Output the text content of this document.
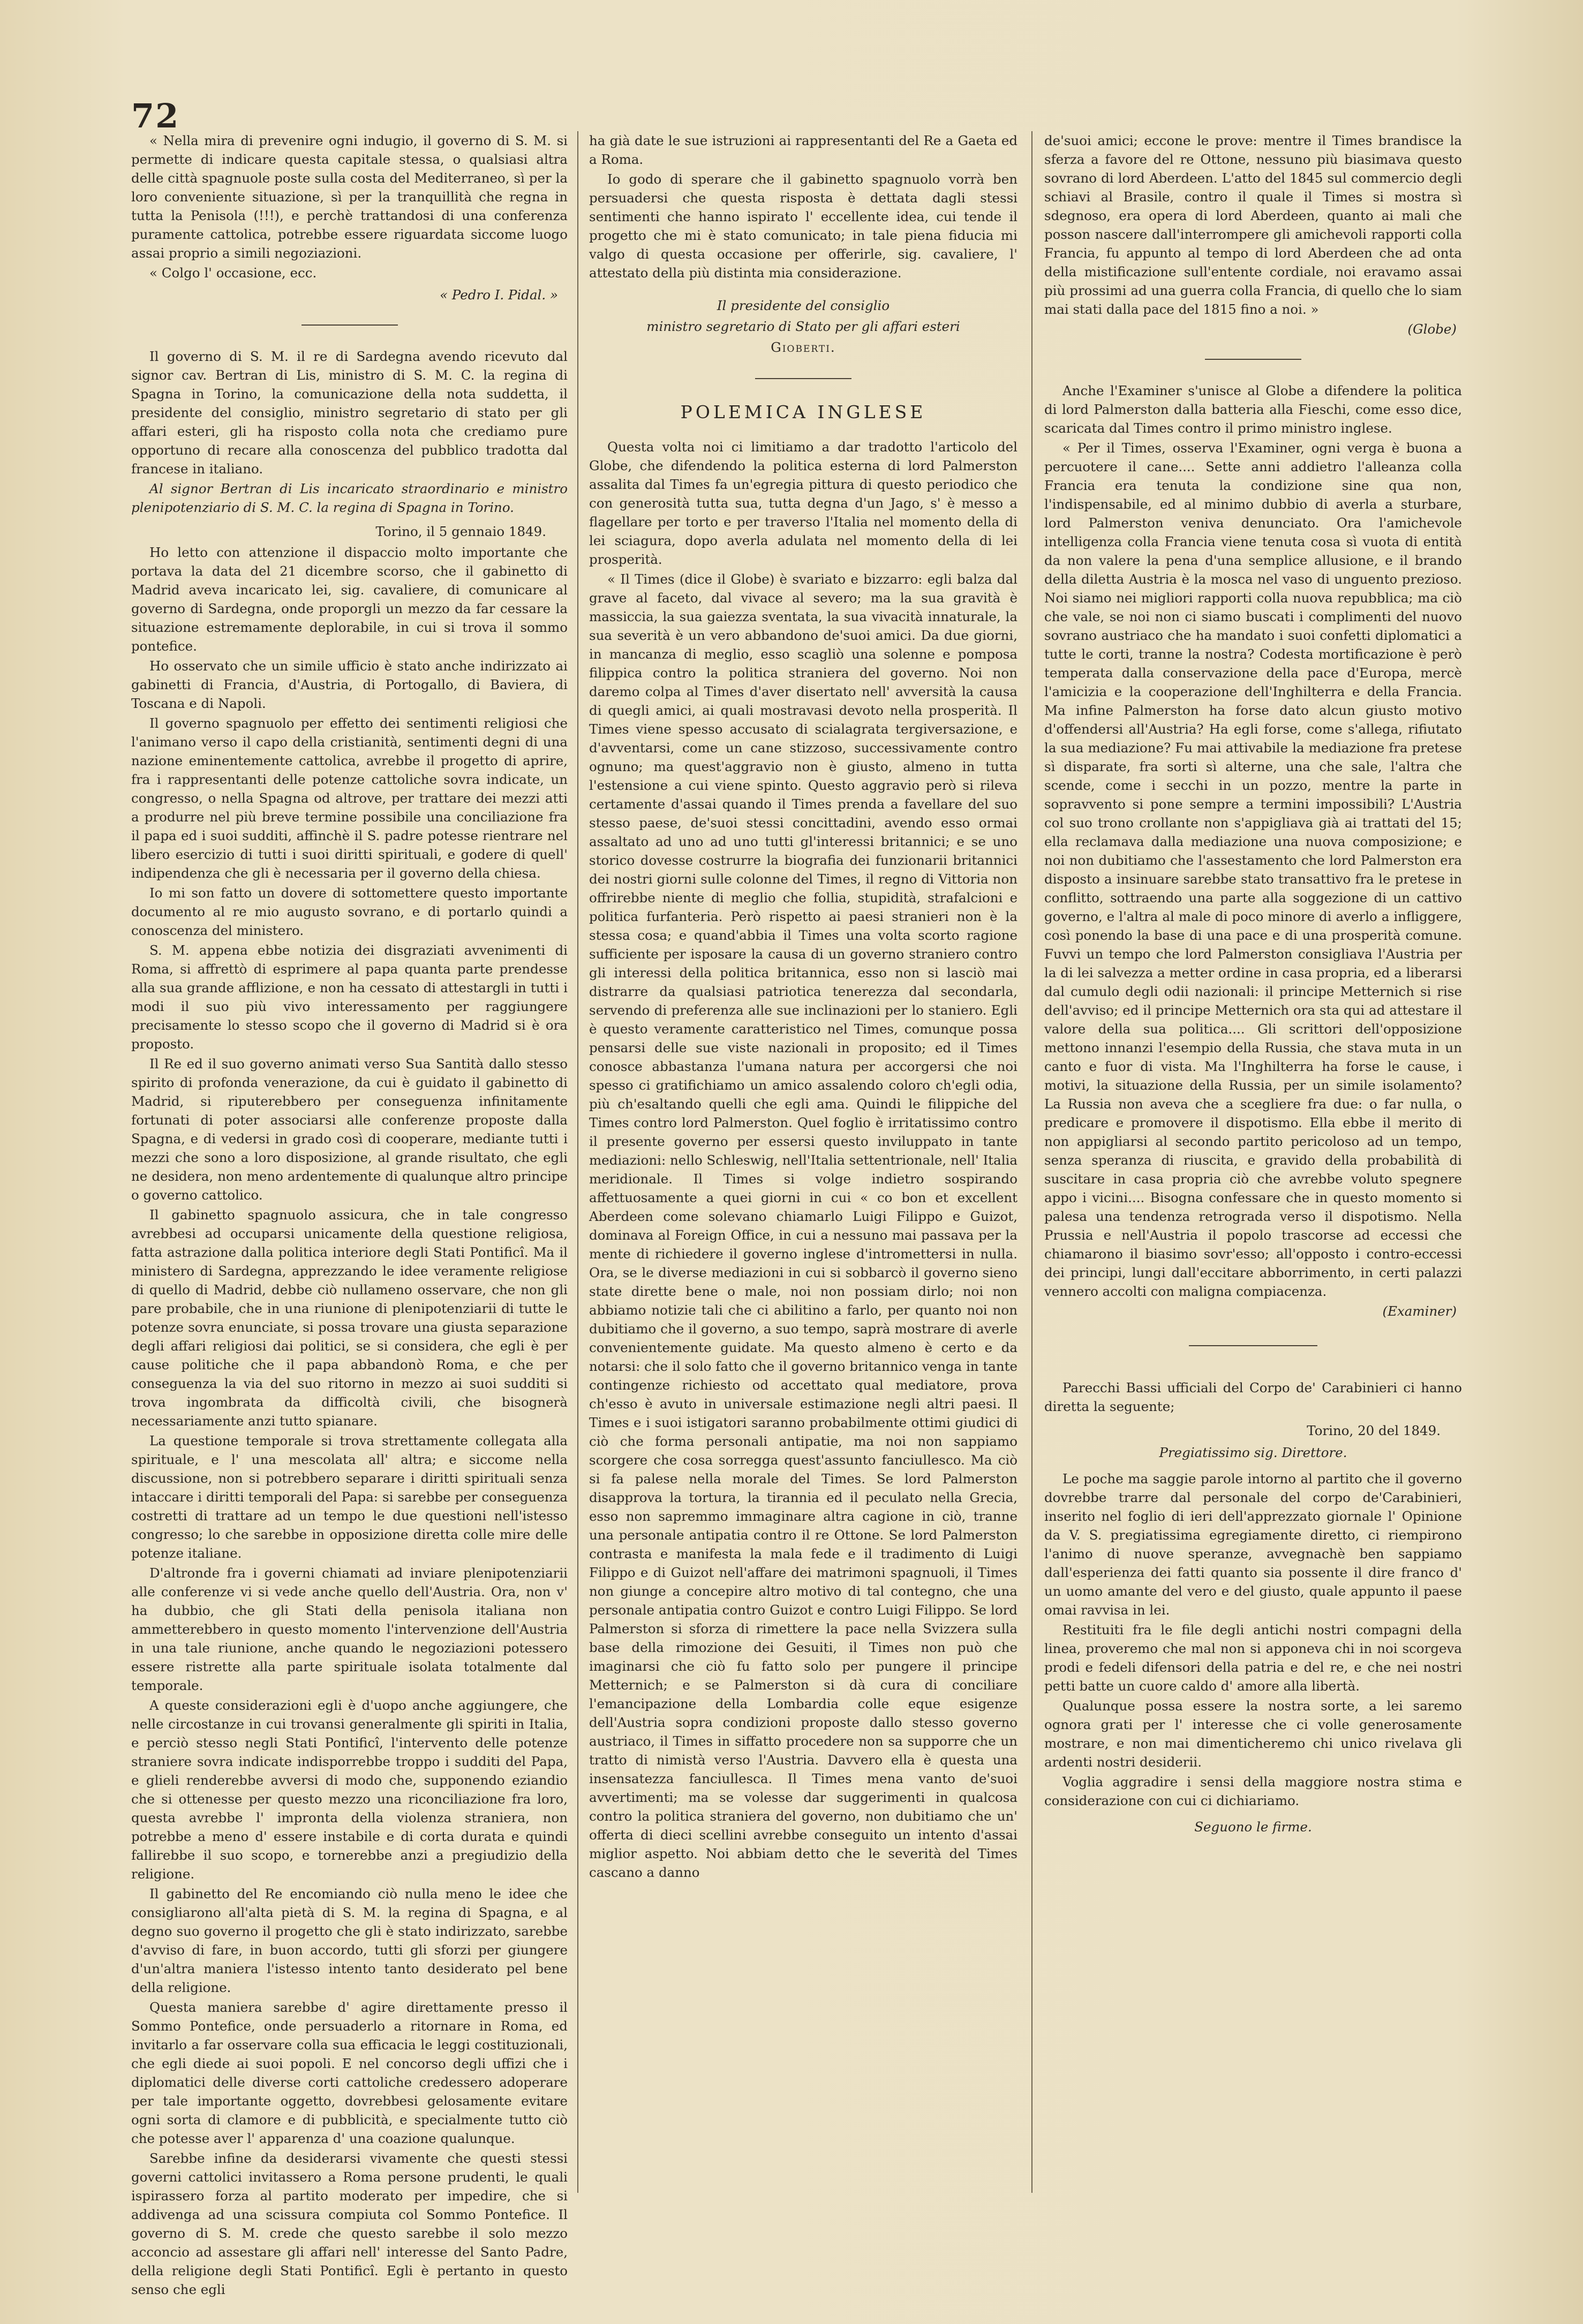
72

« Nella mira di prevenire ogni indugio, il governo di S. M. si permette di indicare questa capitale stessa, o qualsiasi altra delle città spagnuole poste sulla costa del Mediterraneo, sì per la loro conveniente situazione, sì per la tranquillità che regna in tutta la Penisola (!!!), e perchè trattandosi di una conferenza puramente cattolica, potrebbe essere riguardata siccome luogo assai proprio a simili negoziazioni.

« Colgo l' occasione, ecc.

« Pedro I. Pidal. »

Il governo di S. M. il re di Sardegna avendo ricevuto dal signor cav. Bertran di Lis, ministro di S. M. C. la regina di Spagna in Torino, la comunicazione della nota suddetta, il presidente del consiglio, ministro segretario di stato per gli affari esteri, gli ha risposto colla nota che crediamo pure opportuno di recare alla conoscenza del pubblico tradotta dal francese in italiano.

Al signor Bertran di Lis incaricato straordinario e ministro plenipotenziario di S. M. C. la regina di Spagna in Torino.

Torino, il 5 gennaio 1849.

Ho letto con attenzione il dispaccio molto importante che portava la data del 21 dicembre scorso, che il gabinetto di Madrid aveva incaricato lei, sig. cavaliere, di comunicare al governo di Sardegna, onde proporgli un mezzo da far cessare la situazione estremamente deplorabile, in cui si trova il sommo pontefice.

Ho osservato che un simile ufficio è stato anche indirizzato ai gabinetti di Francia, d'Austria, di Portogallo, di Baviera, di Toscana e di Napoli.

Il governo spagnuolo per effetto dei sentimenti religiosi che l'animano verso il capo della cristianità, sentimenti degni di una nazione eminentemente cattolica, avrebbe il progetto di aprire, fra i rappresentanti delle potenze cattoliche sovra indicate, un congresso, o nella Spagna od altrove, per trattare dei mezzi atti a produrre nel più breve termine possibile una conciliazione fra il papa ed i suoi sudditi, affinchè il S. padre potesse rientrare nel libero esercizio di tutti i suoi diritti spirituali, e godere di quell' indipendenza che gli è necessaria per il governo della chiesa.

Io mi son fatto un dovere di sottomettere questo importante documento al re mio augusto sovrano, e di portarlo quindi a conoscenza del ministero.

S. M. appena ebbe notizia dei disgraziati avvenimenti di Roma, si affrettò di esprimere al papa quanta parte prendesse alla sua grande afflizione, e non ha cessato di attestargli in tutti i modi il suo più vivo interessamento per raggiungere precisamente lo stesso scopo che il governo di Madrid si è ora proposto.

Il Re ed il suo governo animati verso Sua Santità dallo stesso spirito di profonda venerazione, da cui è guidato il gabinetto di Madrid, si riputerebbero per conseguenza infinitamente fortunati di poter associarsi alle conferenze proposte dalla Spagna, e di vedersi in grado così di cooperare, mediante tutti i mezzi che sono a loro disposizione, al grande risultato, che egli ne desidera, non meno ardentemente di qualunque altro principe o governo cattolico.

Il gabinetto spagnuolo assicura, che in tale congresso avrebbesi ad occuparsi unicamente della questione religiosa, fatta astrazione dalla politica interiore degli Stati Pontificî. Ma il ministero di Sardegna, apprezzando le idee veramente religiose di quello di Madrid, debbe ciò nullameno osservare, che non gli pare probabile, che in una riunione di plenipotenziarii di tutte le potenze sovra enunciate, si possa trovare una giusta separazione degli affari religiosi dai politici, se si considera, che egli è per cause politiche che il papa abbandonò Roma, e che per conseguenza la via del suo ritorno in mezzo ai suoi sudditi si trova ingombrata da difficoltà civili, che bisognerà necessariamente anzi tutto spianare.

La questione temporale si trova strettamente collegata alla spirituale, e l' una mescolata all' altra; e siccome nella discussione, non si potrebbero separare i diritti spirituali senza intaccare i diritti temporali del Papa: si sarebbe per conseguenza costretti di trattare ad un tempo le due questioni nell'istesso congresso; lo che sarebbe in opposizione diretta colle mire delle potenze italiane.

D'altronde fra i governi chiamati ad inviare plenipotenziarii alle conferenze vi si vede anche quello dell'Austria. Ora, non v' ha dubbio, che gli Stati della penisola italiana non ammetterebbero in questo momento l'intervenzione dell'Austria in una tale riunione, anche quando le negoziazioni potessero essere ristrette alla parte spirituale isolata totalmente dal temporale.

A queste considerazioni egli è d'uopo anche aggiungere, che nelle circostanze in cui trovansi generalmente gli spiriti in Italia, e perciò stesso negli Stati Pontificî, l'intervento delle potenze straniere sovra indicate indisporrebbe troppo i sudditi del Papa, e glieli renderebbe avversi di modo che, supponendo eziandio che si ottenesse per questo mezzo una riconciliazione fra loro, questa avrebbe l' impronta della violenza straniera, non potrebbe a meno d' essere instabile e di corta durata e quindi fallirebbe il suo scopo, e tornerebbe anzi a pregiudizio della religione.

Il gabinetto del Re encomiando ciò nulla meno le idee che consigliarono all'alta pietà di S. M. la regina di Spagna, e al degno suo governo il progetto che gli è stato indirizzato, sarebbe d'avviso di fare, in buon accordo, tutti gli sforzi per giungere d'un'altra maniera l'istesso intento tanto desiderato pel bene della religione.

Questa maniera sarebbe d' agire direttamente presso il Sommo Pontefice, onde persuaderlo a ritornare in Roma, ed invitarlo a far osservare colla sua efficacia le leggi costituzionali, che egli diede ai suoi popoli. E nel concorso degli uffizi che i diplomatici delle diverse corti cattoliche credessero adoperare per tale importante oggetto, dovrebbesi gelosamente evitare ogni sorta di clamore e di pubblicità, e specialmente tutto ciò che potesse aver l' apparenza d' una coazione qualunque.

Sarebbe infine da desiderarsi vivamente che questi stessi governi cattolici invitassero a Roma persone prudenti, le quali ispirassero forza al partito moderato per impedire, che si addivenga ad una scissura compiuta col Sommo Pontefice. Il governo di S. M. crede che questo sarebbe il solo mezzo acconcio ad assestare gli affari nell' interesse del Santo Padre, della religione degli Stati Pontificî. Egli è pertanto in questo senso che egli

ha già date le sue istruzioni ai rappresentanti del Re a Gaeta ed a Roma.

Io godo di sperare che il gabinetto spagnuolo vorrà ben persuadersi che questa risposta è dettata dagli stessi sentimenti che hanno ispirato l' eccellente idea, cui tende il progetto che mi è stato comunicato; in tale piena fiducia mi valgo di questa occasione per offerirle, sig. cavaliere, l' attestato della più distinta mia considerazione.

Il presidente del consiglio
ministro segretario di Stato per gli affari esteri
Gioberti.
POLEMICA INGLESE

Questa volta noi ci limitiamo a dar tradotto l'articolo del Globe, che difendendo la politica esterna di lord Palmerston assalita dal Times fa un'egregia pittura di questo periodico che con generosità tutta sua, tutta degna d'un Jago, s' è messo a flagellare per torto e per traverso l'Italia nel momento della di lei sciagura, dopo averla adulata nel momento della di lei prosperità.

« Il Times (dice il Globe) è svariato e bizzarro: egli balza dal grave al faceto, dal vivace al severo; ma la sua gravità è massiccia, la sua gaiezza sventata, la sua vivacità innaturale, la sua severità è un vero abbandono de'suoi amici. Da due giorni, in mancanza di meglio, esso scagliò una solenne e pomposa filippica contro la politica straniera del governo. Noi non daremo colpa al Times d'aver disertato nell' avversità la causa di quegli amici, ai quali mostravasi devoto nella prosperità. Il Times viene spesso accusato di scialagrata tergiversazione, e d'avventarsi, come un cane stizzoso, successivamente contro ognuno; ma quest'aggravio non è giusto, almeno in tutta l'estensione a cui viene spinto. Questo aggravio però si rileva certamente d'assai quando il Times prenda a favellare del suo stesso paese, de'suoi stessi concittadini, avendo esso ormai assaltato ad uno ad uno tutti gl'interessi britannici; e se uno storico dovesse costrurre la biografia dei funzionarii britannici dei nostri giorni sulle colonne del Times, il regno di Vittoria non offrirebbe niente di meglio che follia, stupidità, strafalcioni e politica furfanteria. Però rispetto ai paesi stranieri non è la stessa cosa; e quand'abbia il Times una volta scorto ragione sufficiente per isposare la causa di un governo straniero contro gli interessi della politica britannica, esso non si lasciò mai distrarre da qualsiasi patriotica tenerezza dal secondarla, servendo di preferenza alle sue inclinazioni per lo staniero. Egli è questo veramente caratteristico nel Times, comunque possa pensarsi delle sue viste nazionali in proposito; ed il Times conosce abbastanza l'umana natura per accorgersi che noi spesso ci gratifichiamo un amico assalendo coloro ch'egli odia, più ch'esaltando quelli che egli ama. Quindi le filippiche del Times contro lord Palmerston. Quel foglio è irritatissimo contro il presente governo per essersi questo inviluppato in tante mediazioni: nello Schleswig, nell'Italia settentrionale, nell' Italia meridionale. Il Times si volge indietro sospirando affettuosamente a quei giorni in cui « co bon et excellent Aberdeen come solevano chiamarlo Luigi Filippo e Guizot, dominava al Foreign Office, in cui a nessuno mai passava per la mente di richiedere il governo inglese d'intromettersi in nulla. Ora, se le diverse mediazioni in cui si sobbarcò il governo sieno state dirette bene o male, noi non possiam dirlo; noi non abbiamo notizie tali che ci abilitino a farlo, per quanto noi non dubitiamo che il governo, a suo tempo, saprà mostrare di averle convenientemente guidate. Ma questo almeno è certo e da notarsi: che il solo fatto che il governo britannico venga in tante contingenze richiesto od accettato qual mediatore, prova ch'esso è avuto in universale estimazione negli altri paesi. Il Times e i suoi istigatori saranno probabilmente ottimi giudici di ciò che forma personali antipatie, ma noi non sappiamo scorgere che cosa sorregga quest'assunto fanciullesco. Ma ciò si fa palese nella morale del Times. Se lord Palmerston disapprova la tortura, la tirannia ed il peculato nella Grecia, esso non sapremmo immaginare altra cagione in ciò, tranne una personale antipatia contro il re Ottone. Se lord Palmerston contrasta e manifesta la mala fede e il tradimento di Luigi Filippo e di Guizot nell'affare dei matrimoni spagnuoli, il Times non giunge a concepire altro motivo di tal contegno, che una personale antipatia contro Guizot e contro Luigi Filippo. Se lord Palmerston si sforza di rimettere la pace nella Svizzera sulla base della rimozione dei Gesuiti, il Times non può che imaginarsi che ciò fu fatto solo per pungere il principe Metternich; e se Palmerston si dà cura di conciliare l'emancipazione della Lombardia colle eque esigenze dell'Austria sopra condizioni proposte dallo stesso governo austriaco, il Times in siffatto procedere non sa supporre che un tratto di nimistà verso l'Austria. Davvero ella è questa una insensatezza fanciullesca. Il Times mena vanto de'suoi avvertimenti; ma se volesse dar suggerimenti in qualcosa contro la politica straniera del governo, non dubitiamo che un' offerta di dieci scellini avrebbe conseguito un intento d'assai miglior aspetto. Noi abbiam detto che le severità del Times cascano a danno

de'suoi amici; eccone le prove: mentre il Times brandisce la sferza a favore del re Ottone, nessuno più biasimava questo sovrano di lord Aberdeen. L'atto del 1845 sul commercio degli schiavi al Brasile, contro il quale il Times si mostra sì sdegnoso, era opera di lord Aberdeen, quanto ai mali che posson nascere dall'interrompere gli amichevoli rapporti colla Francia, fu appunto al tempo di lord Aberdeen che ad onta della mistificazione sull'entente cordiale, noi eravamo assai più prossimi ad una guerra colla Francia, di quello che lo siam mai stati dalla pace del 1815 fino a noi. »

(Globe)

Anche l'Examiner s'unisce al Globe a difendere la politica di lord Palmerston dalla batteria alla Fieschi, come esso dice, scaricata dal Times contro il primo ministro inglese.

« Per il Times, osserva l'Examiner, ogni verga è buona a percuotere il cane.... Sette anni addietro l'alleanza colla Francia era tenuta la condizione sine qua non, l'indispensabile, ed al minimo dubbio di averla a sturbare, lord Palmerston veniva denunciato. Ora l'amichevole intelligenza colla Francia viene tenuta cosa sì vuota di entità da non valere la pena d'una semplice allusione, e il brando della diletta Austria è la mosca nel vaso di unguento prezioso. Noi siamo nei migliori rapporti colla nuova repubblica; ma ciò che vale, se noi non ci siamo buscati i complimenti del nuovo sovrano austriaco che ha mandato i suoi confetti diplomatici a tutte le corti, tranne la nostra? Codesta mortificazione è però temperata dalla conservazione della pace d'Europa, mercè l'amicizia e la cooperazione dell'Inghilterra e della Francia. Ma infine Palmerston ha forse dato alcun giusto motivo d'offendersi all'Austria? Ha egli forse, come s'allega, rifiutato la sua mediazione? Fu mai attivabile la mediazione fra pretese sì disparate, fra sorti sì alterne, una che sale, l'altra che scende, come i secchi in un pozzo, mentre la parte in sopravvento si pone sempre a termini impossibili? L'Austria col suo trono crollante non s'appigliava già ai trattati del 15; ella reclamava dalla mediazione una nuova composizione; e noi non dubitiamo che l'assestamento che lord Palmerston era disposto a insinuare sarebbe stato transattivo fra le pretese in conflitto, sottraendo una parte alla soggezione di un cattivo governo, e l'altra al male di poco minore di averlo a infliggere, così ponendo la base di una pace e di una prosperità comune. Fuvvi un tempo che lord Palmerston consigliava l'Austria per la di lei salvezza a metter ordine in casa propria, ed a liberarsi dal cumulo degli odii nazionali: il principe Metternich si rise dell'avviso; ed il principe Metternich ora sta qui ad attestare il valore della sua politica.... Gli scrittori dell'opposizione mettono innanzi l'esempio della Russia, che stava muta in un canto e fuor di vista. Ma l'Inghilterra ha forse le cause, i motivi, la situazione della Russia, per un simile isolamento? La Russia non aveva che a scegliere fra due: o far nulla, o predicare e promovere il dispotismo. Ella ebbe il merito di non appigliarsi al secondo partito pericoloso ad un tempo, senza speranza di riuscita, e gravido della probabilità di suscitare in casa propria ciò che avrebbe voluto spegnere appo i vicini.... Bisogna confessare che in questo momento si palesa una tendenza retrograda verso il dispotismo. Nella Prussia e nell'Austria il popolo trascorse ad eccessi che chiamarono il biasimo sovr'esso; all'opposto i contro-eccessi dei principi, lungi dall'eccitare abborrimento, in certi palazzi vennero accolti con maligna compiacenza.

(Examiner)

Parecchi Bassi ufficiali del Corpo de' Carabinieri ci hanno diretta la seguente;

Torino, 20 del 1849.
Pregiatissimo sig. Direttore.

Le poche ma saggie parole intorno al partito che il governo dovrebbe trarre dal personale del corpo de'Carabinieri, inserito nel foglio di ieri dell'apprezzato giornale l' Opinione da V. S. pregiatissima egregiamente diretto, ci riempirono l'animo di nuove speranze, avvegnachè ben sappiamo dall'esperienza dei fatti quanto sia possente il dire franco d' un uomo amante del vero e del giusto, quale appunto il paese omai ravvisa in lei.

Restituiti fra le file degli antichi nostri compagni della linea, proveremo che mal non si apponeva chi in noi scorgeva prodi e fedeli difensori della patria e del re, e che nei nostri petti batte un cuore caldo d' amore alla libertà.

Qualunque possa essere la nostra sorte, a lei saremo ognora grati per l' interesse che ci volle generosamente mostrare, e non mai dimenticheremo chi unico rivelava gli ardenti nostri desiderii.

Voglia aggradire i sensi della maggiore nostra stima e considerazione con cui ci dichiariamo.

Seguono le firme.
